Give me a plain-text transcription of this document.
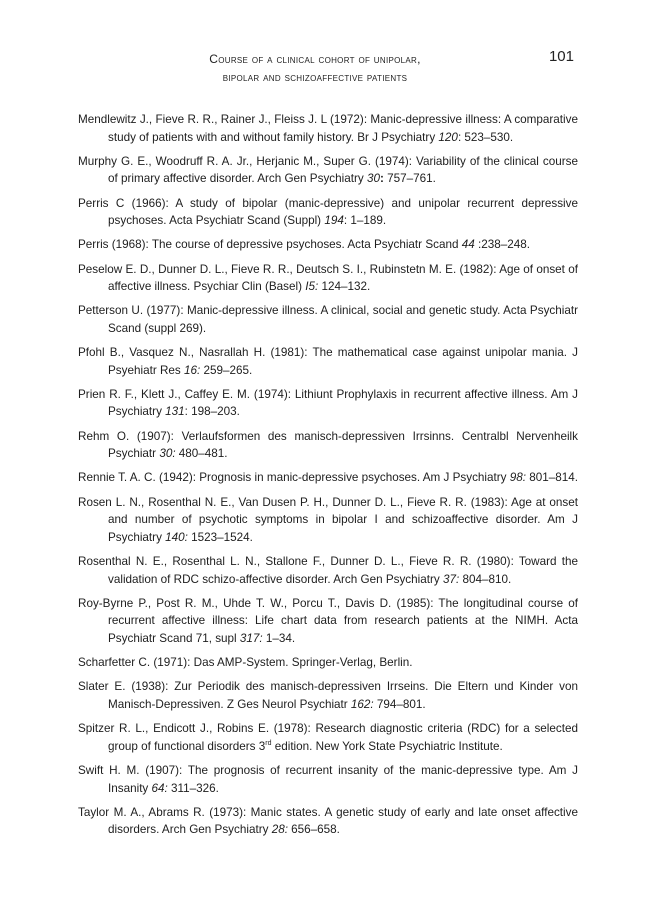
Course of a clinical cohort of unipolar,
bipolar and schizoaffective patients
101

Mendlewitz J., Fieve R. R., Rainer J., Fleiss J. L (1972): Manic-depressive illness: A comparative study of patients with and without family history. Br J Psychiatry 120: 523–530.

Murphy G. E., Woodruff R. A. Jr., Herjanic M., Super G. (1974): Variability of the clinical course of primary affective disorder. Arch Gen Psychiatry 30: 757–761.

Perris C (1966): A study of bipolar (manic-depressive) and unipolar recurrent depressive psychoses. Acta Psychiatr Scand (Suppl) 194: 1–189.

Perris (1968): The course of depressive psychoses. Acta Psychiatr Scand 44 :238–248.

Peselow E. D., Dunner D. L., Fieve R. R., Deutsch S. I., Rubinstetn M. E. (1982): Age of onset of affective illness. Psychiar Clin (Basel) I5: 124–132.

Petterson U. (1977): Manic-depressive illness. A clinical, social and genetic study. Acta Psychiatr Scand (suppl 269).

Pfohl B., Vasquez N., Nasrallah H. (1981): The mathematical case against unipolar mania. J Psyehiatr Res 16: 259–265.

Prien R. F., Klett J., Caffey E. M. (1974): Lithiunt Prophylaxis in recurrent affective illness. Am J Psychiatry 131: 198–203.

Rehm O. (1907): Verlaufsformen des manisch-depressiven Irrsinns. Centralbl Nervenheilk Psychiatr 30: 480–481.

Rennie T. A. C. (1942): Prognosis in manic-depressive psychoses. Am J Psychiatry 98: 801–814.

Rosen L. N., Rosenthal N. E., Van Dusen P. H., Dunner D. L., Fieve R. R. (1983): Age at onset and number of psychotic symptoms in bipolar I and schizoaffective disorder. Am J Psychiatry 140: 1523–1524.

Rosenthal N. E., Rosenthal L. N., Stallone F., Dunner D. L., Fieve R. R. (1980): Toward the validation of RDC schizo-affective disorder. Arch Gen Psychiatry 37: 804–810.

Roy-Byrne P., Post R. M., Uhde T. W., Porcu T., Davis D. (1985): The longitudinal course of recurrent affective illness: Life chart data from research patients at the NIMH. Acta Psychiatr Scand 71, supl 317: 1–34.

Scharfetter C. (1971): Das AMP-System. Springer-Verlag, Berlin.

Slater E. (1938): Zur Periodik des manisch-depressiven Irrseins. Die Eltern und Kinder von Manisch-Depressiven. Z Ges Neurol Psychiatr 162: 794–801.

Spitzer R. L., Endicott J., Robins E. (1978): Research diagnostic criteria (RDC) for a selected group of functional disorders 3rd edition. New York State Psychiatric Institute.

Swift H. M. (1907): The prognosis of recurrent insanity of the manic-depressive type. Am J Insanity 64: 311–326.

Taylor M. A., Abrams R. (1973): Manic states. A genetic study of early and late onset affective disorders. Arch Gen Psychiatry 28: 656–658.
